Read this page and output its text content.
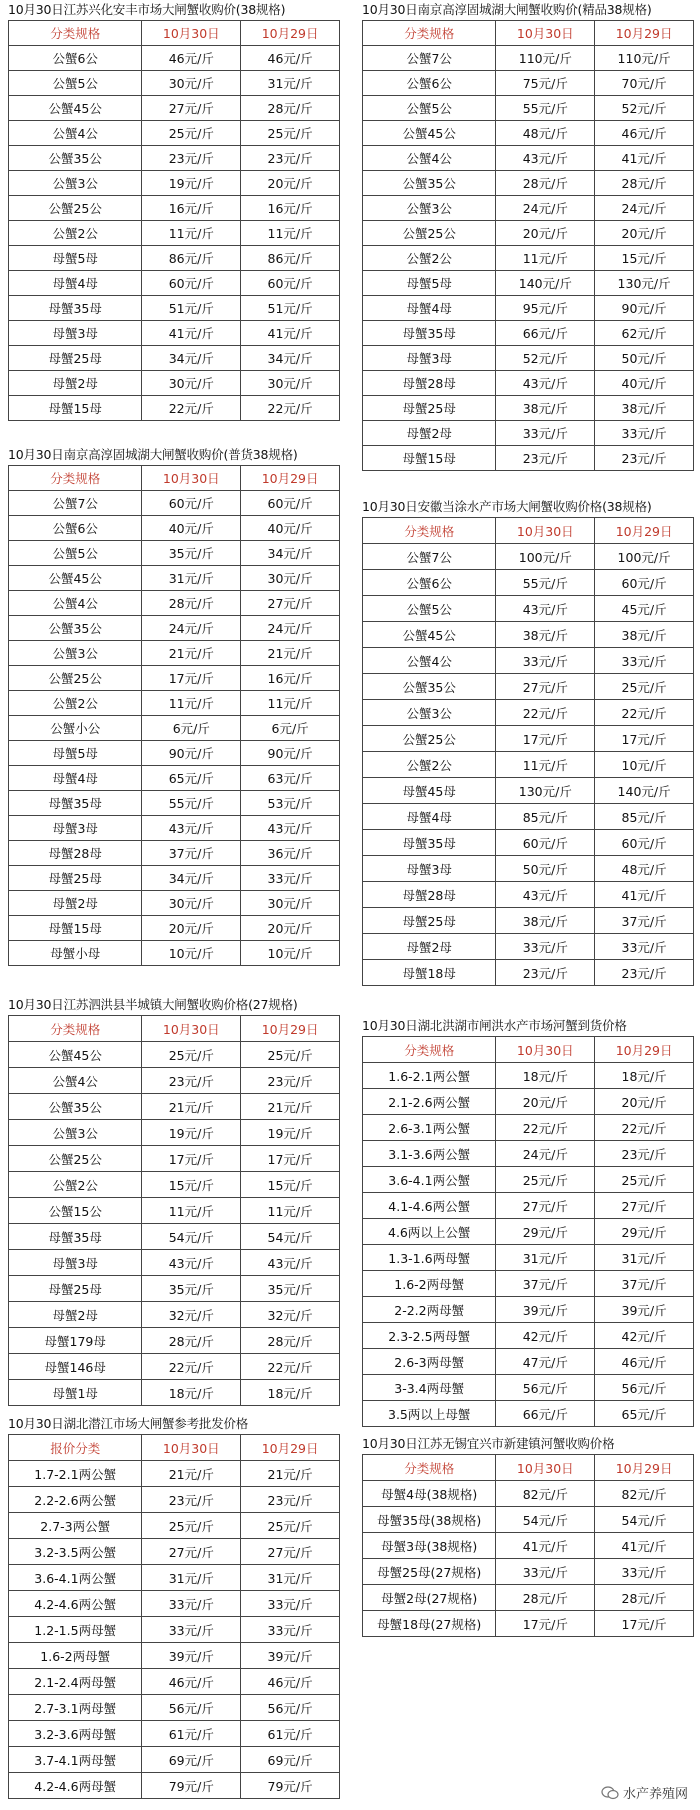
10月30日江苏兴化安丰市场大闸蟹收购价(38规格)
分类规格	10月30日	10月29日
公蟹6公	46元/斤	46元/斤
公蟹5公	30元/斤	31元/斤
公蟹45公	27元/斤	28元/斤
公蟹4公	25元/斤	25元/斤
公蟹35公	23元/斤	23元/斤
公蟹3公	19元/斤	20元/斤
公蟹25公	16元/斤	16元/斤
公蟹2公	11元/斤	11元/斤
母蟹5母	86元/斤	86元/斤
母蟹4母	60元/斤	60元/斤
母蟹35母	51元/斤	51元/斤
母蟹3母	41元/斤	41元/斤
母蟹25母	34元/斤	34元/斤
母蟹2母	30元/斤	30元/斤
母蟹15母	22元/斤	22元/斤
10月30日南京高淳固城湖大闸蟹收购价(普货38规格)
分类规格	10月30日	10月29日
公蟹7公	60元/斤	60元/斤
公蟹6公	40元/斤	40元/斤
公蟹5公	35元/斤	34元/斤
公蟹45公	31元/斤	30元/斤
公蟹4公	28元/斤	27元/斤
公蟹35公	24元/斤	24元/斤
公蟹3公	21元/斤	21元/斤
公蟹25公	17元/斤	16元/斤
公蟹2公	11元/斤	11元/斤
公蟹小公	6元/斤	6元/斤
母蟹5母	90元/斤	90元/斤
母蟹4母	65元/斤	63元/斤
母蟹35母	55元/斤	53元/斤
母蟹3母	43元/斤	43元/斤
母蟹28母	37元/斤	36元/斤
母蟹25母	34元/斤	33元/斤
母蟹2母	30元/斤	30元/斤
母蟹15母	20元/斤	20元/斤
母蟹小母	10元/斤	10元/斤
10月30日江苏泗洪县半城镇大闸蟹收购价格(27规格)
分类规格	10月30日	10月29日
公蟹45公	25元/斤	25元/斤
公蟹4公	23元/斤	23元/斤
公蟹35公	21元/斤	21元/斤
公蟹3公	19元/斤	19元/斤
公蟹25公	17元/斤	17元/斤
公蟹2公	15元/斤	15元/斤
公蟹15公	11元/斤	11元/斤
母蟹35母	54元/斤	54元/斤
母蟹3母	43元/斤	43元/斤
母蟹25母	35元/斤	35元/斤
母蟹2母	32元/斤	32元/斤
母蟹179母	28元/斤	28元/斤
母蟹146母	22元/斤	22元/斤
母蟹1母	18元/斤	18元/斤
10月30日湖北潜江市场大闸蟹参考批发价格
报价分类	10月30日	10月29日
1.7-2.1两公蟹	21元/斤	21元/斤
2.2-2.6两公蟹	23元/斤	23元/斤
2.7-3两公蟹	25元/斤	25元/斤
3.2-3.5两公蟹	27元/斤	27元/斤
3.6-4.1两公蟹	31元/斤	31元/斤
4.2-4.6两公蟹	33元/斤	33元/斤
1.2-1.5两母蟹	33元/斤	33元/斤
1.6-2两母蟹	39元/斤	39元/斤
2.1-2.4两母蟹	46元/斤	46元/斤
2.7-3.1两母蟹	56元/斤	56元/斤
3.2-3.6两母蟹	61元/斤	61元/斤
3.7-4.1两母蟹	69元/斤	69元/斤
4.2-4.6两母蟹	79元/斤	79元/斤
10月30日南京高淳固城湖大闸蟹收购价(精品38规格)
分类规格	10月30日	10月29日
公蟹7公	110元/斤	110元/斤
公蟹6公	75元/斤	70元/斤
公蟹5公	55元/斤	52元/斤
公蟹45公	48元/斤	46元/斤
公蟹4公	43元/斤	41元/斤
公蟹35公	28元/斤	28元/斤
公蟹3公	24元/斤	24元/斤
公蟹25公	20元/斤	20元/斤
公蟹2公	11元/斤	15元/斤
母蟹5母	140元/斤	130元/斤
母蟹4母	95元/斤	90元/斤
母蟹35母	66元/斤	62元/斤
母蟹3母	52元/斤	50元/斤
母蟹28母	43元/斤	40元/斤
母蟹25母	38元/斤	38元/斤
母蟹2母	33元/斤	33元/斤
母蟹15母	23元/斤	23元/斤
10月30日安徽当涂水产市场大闸蟹收购价格(38规格)
分类规格	10月30日	10月29日
公蟹7公	100元/斤	100元/斤
公蟹6公	55元/斤	60元/斤
公蟹5公	43元/斤	45元/斤
公蟹45公	38元/斤	38元/斤
公蟹4公	33元/斤	33元/斤
公蟹35公	27元/斤	25元/斤
公蟹3公	22元/斤	22元/斤
公蟹25公	17元/斤	17元/斤
公蟹2公	11元/斤	10元/斤
母蟹45母	130元/斤	140元/斤
母蟹4母	85元/斤	85元/斤
母蟹35母	60元/斤	60元/斤
母蟹3母	50元/斤	48元/斤
母蟹28母	43元/斤	41元/斤
母蟹25母	38元/斤	37元/斤
母蟹2母	33元/斤	33元/斤
母蟹18母	23元/斤	23元/斤
10月30日湖北洪湖市闸洪水产市场河蟹到货价格
分类规格	10月30日	10月29日
1.6-2.1两公蟹	18元/斤	18元/斤
2.1-2.6两公蟹	20元/斤	20元/斤
2.6-3.1两公蟹	22元/斤	22元/斤
3.1-3.6两公蟹	24元/斤	23元/斤
3.6-4.1两公蟹	25元/斤	25元/斤
4.1-4.6两公蟹	27元/斤	27元/斤
4.6两以上公蟹	29元/斤	29元/斤
1.3-1.6两母蟹	31元/斤	31元/斤
1.6-2两母蟹	37元/斤	37元/斤
2-2.2两母蟹	39元/斤	39元/斤
2.3-2.5两母蟹	42元/斤	42元/斤
2.6-3两母蟹	47元/斤	46元/斤
3-3.4两母蟹	56元/斤	56元/斤
3.5两以上母蟹	66元/斤	65元/斤
10月30日江苏无锡宜兴市新建镇河蟹收购价格
分类规格	10月30日	10月29日
母蟹4母(38规格)	82元/斤	82元/斤
母蟹35母(38规格)	54元/斤	54元/斤
母蟹3母(38规格)	41元/斤	41元/斤
母蟹25母(27规格)	33元/斤	33元/斤
母蟹2母(27规格)	28元/斤	28元/斤
母蟹18母(27规格)	17元/斤	17元/斤
水产养殖网
